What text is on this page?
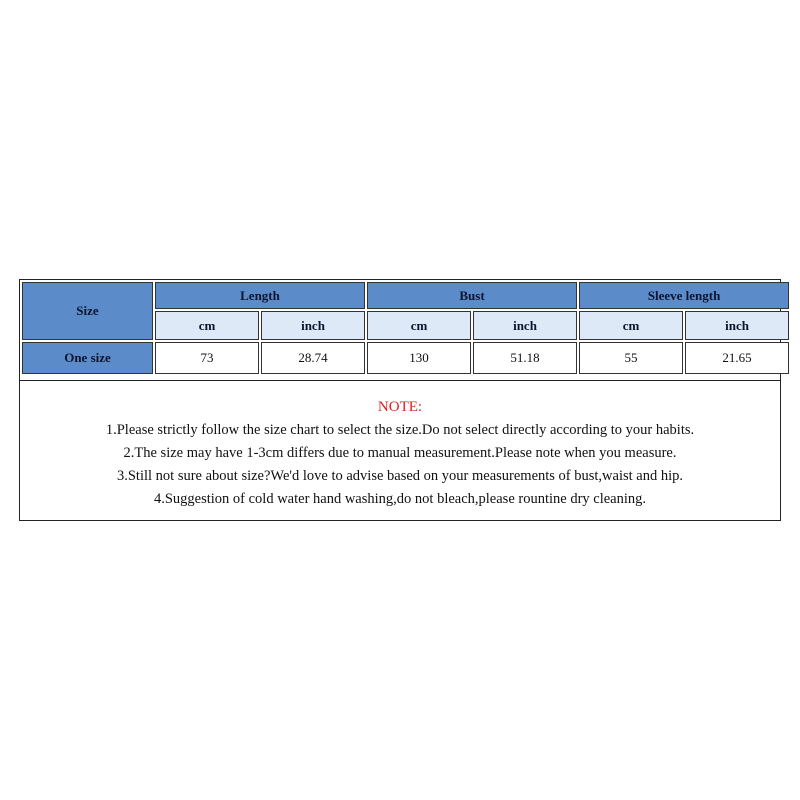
Size	Length		Bust		Sleeve length	
	cm	inch	cm	inch	cm	inch
One size	73	28.74	130	51.18	55	21.65
NOTE:
1.Please strictly follow the size chart to select the size.Do not select directly according to your habits.
2.The size may have 1-3cm differs due to manual measurement.Please note when you measure.
3.Still not sure about size?We'd love to advise based on your measurements of bust,waist and hip.
4.Suggestion of cold water hand washing,do not bleach,please rountine dry cleaning.
